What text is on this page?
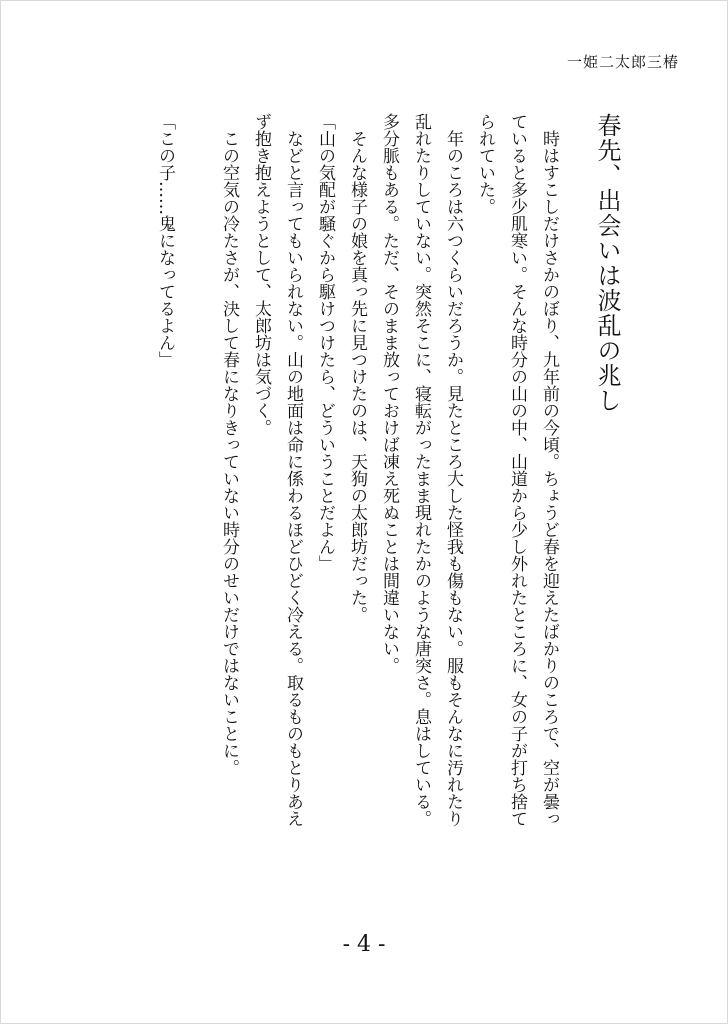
一姫二太郎三椿
春先、出会いは波乱の兆し
　時はすこしだけさかのぼり、九年前の今頃。ちょうど春を迎えたばかりのころで、空が曇っ
ていると多少肌寒い。そんな時分の山の中、山道から少し外れたところに、女の子が打ち捨て
られていた。
　年のころは六つくらいだろうか。見たところ大した怪我も傷もない。服もそんなに汚れたり
乱れたりしていない。突然そこに、寝転がったまま現れたかのような唐突さ。息はしている。
多分脈もある。ただ、そのまま放っておけば凍え死ぬことは間違いない。
　そんな様子の娘を真っ先に見つけたのは、天狗の太郎坊だった。
「山の気配が騒ぐから駆けつけたら、どういうことだよん」
　などと言ってもいられない。山の地面は命に係わるほどひどく冷える。取るものもとりあえ
ず抱き抱えようとして、太郎坊は気づく。
　この空気の冷たさが、決して春になりきっていない時分のせいだけではないことに。
「この子……鬼になってるよん」
- 4 -
